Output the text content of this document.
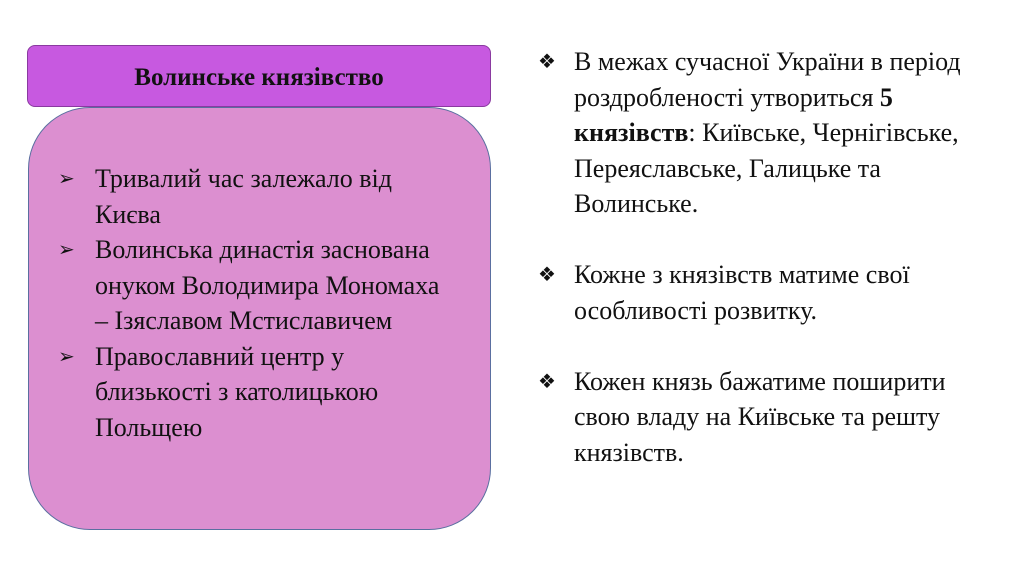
Волинське князівство
➢ Тривалий час залежало від Києва
➢ Волинська династія заснована онуком Володимира Мономаха – Ізяславом Мстиславичем
➢ Православний центр у близькості з католицькою Польщею
❖ В межах сучасної України в період роздробленості утвориться 5 князівств: Київське, Чернігівське, Переяславське, Галицьке та Волинське.
❖ Кожне з князівств матиме свої особливості розвитку.
❖ Кожен князь бажатиме поширити свою владу на Київське та решту князівств.
